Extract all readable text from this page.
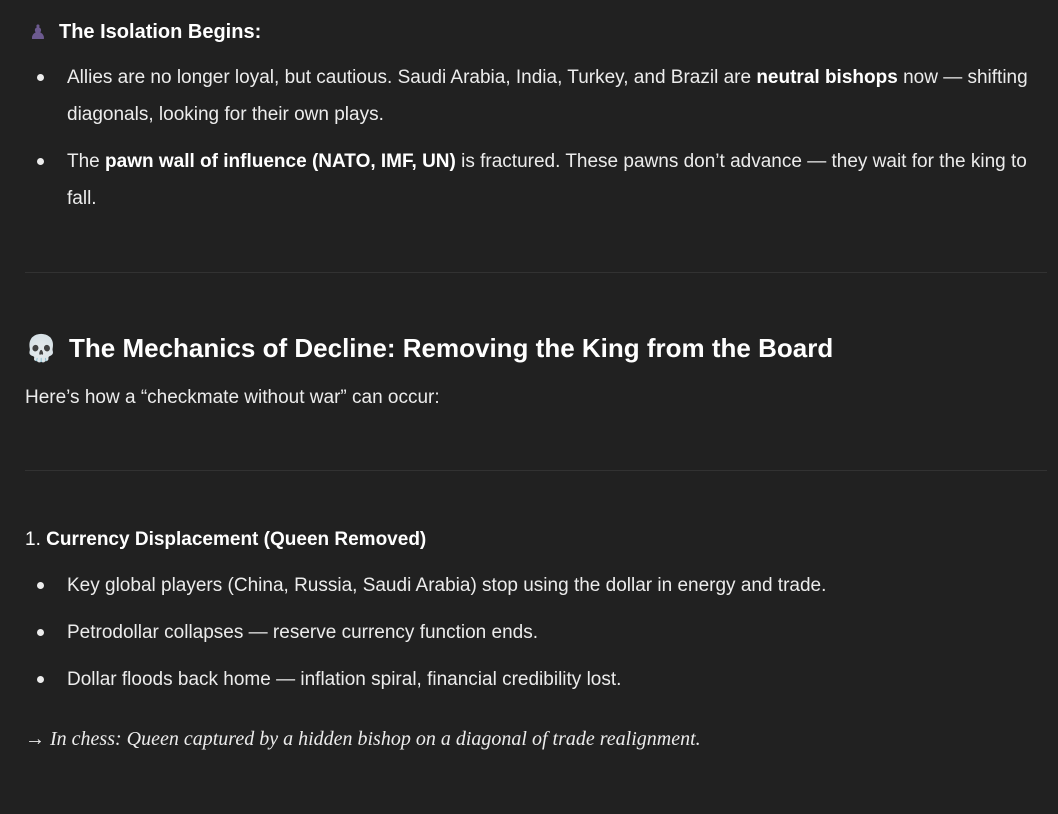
♟ The Isolation Begins:
Allies are no longer loyal, but cautious. Saudi Arabia, India, Turkey, and Brazil are neutral bishops now — shifting diagonals, looking for their own plays.
The pawn wall of influence (NATO, IMF, UN) is fractured. These pawns don’t advance — they wait for the king to fall.
💀 The Mechanics of Decline: Removing the King from the Board
Here’s how a “checkmate without war” can occur:
1. Currency Displacement (Queen Removed)
Key global players (China, Russia, Saudi Arabia) stop using the dollar in energy and trade.
Petrodollar collapses — reserve currency function ends.
Dollar floods back home — inflation spiral, financial credibility lost.
→ In chess: Queen captured by a hidden bishop on a diagonal of trade realignment.
